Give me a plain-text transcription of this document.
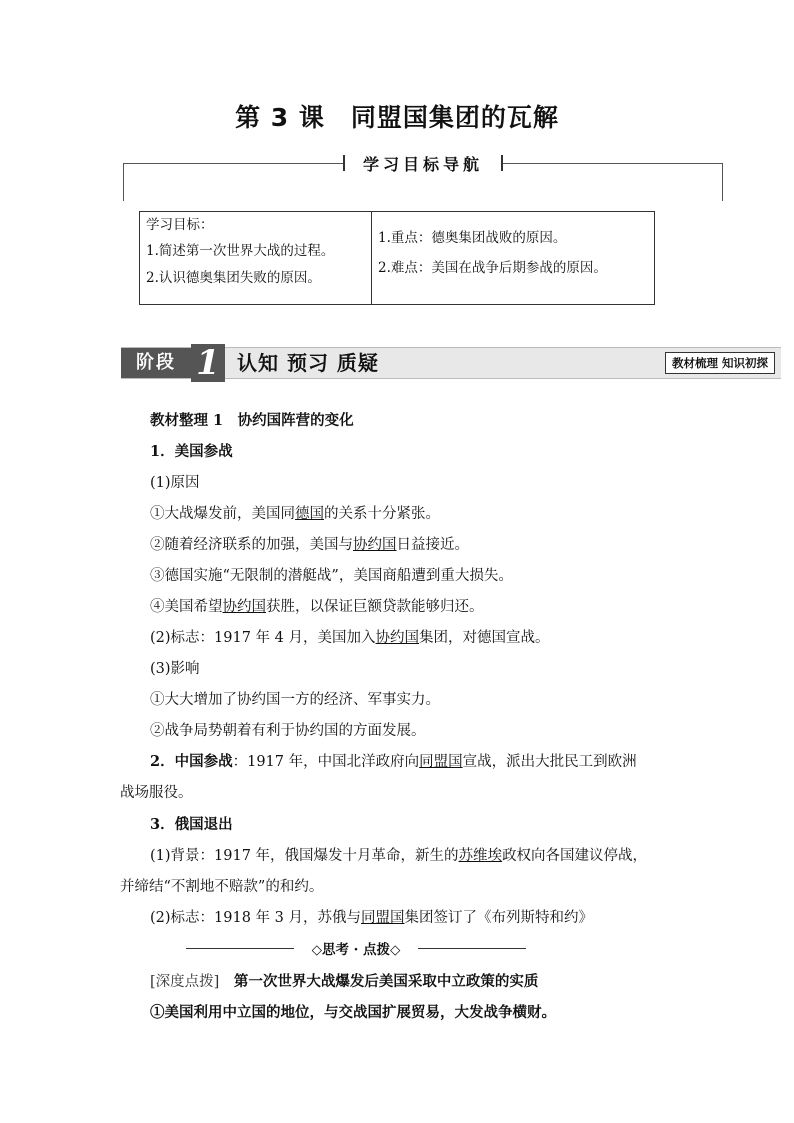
第 3 课　同盟国集团的瓦解
学习目标导航
学习目标：
1.简述第一次世界大战的过程。
2.认识德奥集团失败的原因。
1.重点：德奥集团战败的原因。
2.难点：美国在战争后期参战的原因。
阶段 1 认知 预习 质疑	教材梳理 知识初探
教材整理 1　协约国阵营的变化
1．美国参战
(1)原因
①大战爆发前，美国同德国的关系十分紧张。
②随着经济联系的加强，美国与协约国日益接近。
③德国实施“无限制的潜艇战”，美国商船遭到重大损失。
④美国希望协约国获胜，以保证巨额贷款能够归还。
(2)标志：1917 年 4 月，美国加入协约国集团，对德国宣战。
(3)影响
①大大增加了协约国一方的经济、军事实力。
②战争局势朝着有利于协约国的方面发展。
2．中国参战：1917 年，中国北洋政府向同盟国宣战，派出大批民工到欧洲
战场服役。
3．俄国退出
(1)背景：1917 年，俄国爆发十月革命，新生的苏维埃政权向各国建议停战，
并缔结“不割地不赔款”的和约。
(2)标志：1918 年 3 月，苏俄与同盟国集团签订了《布列斯特和约》
◇思考 · 点拨◇
[深度点拨]　 第一次世界大战爆发后美国采取中立政策的实质
①美国利用中立国的地位，与交战国扩展贸易，大发战争横财。
